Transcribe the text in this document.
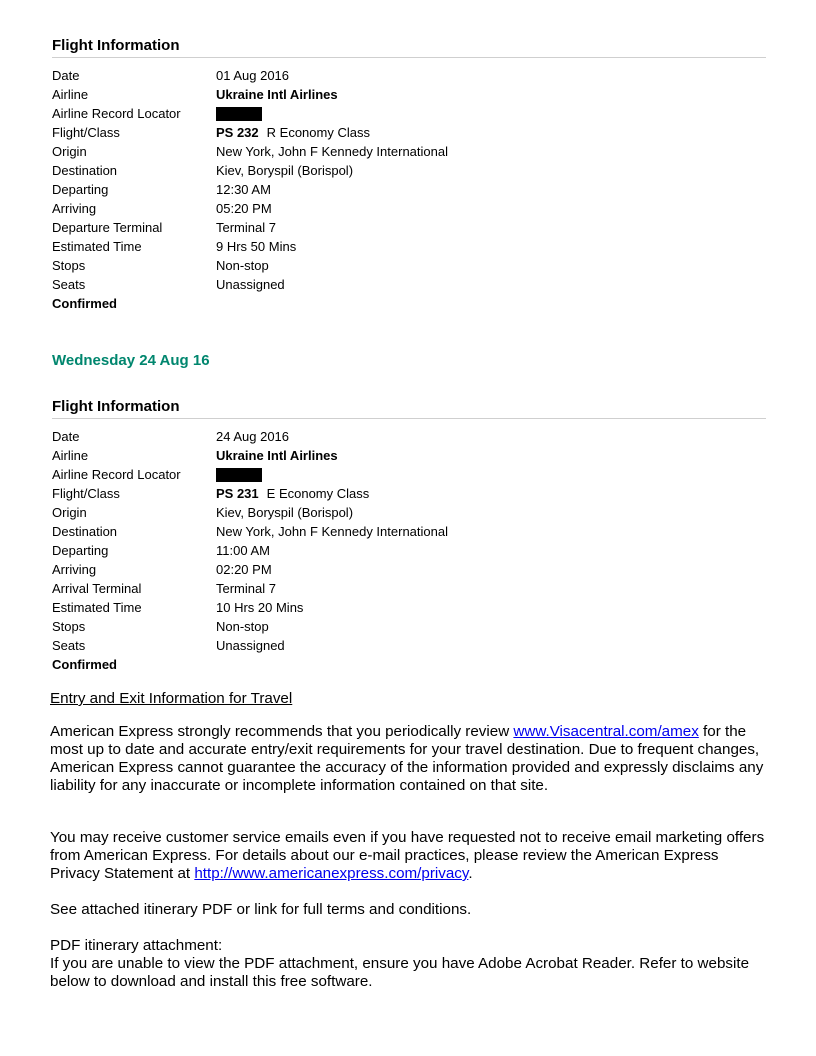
Flight Information
Date	01 Aug 2016
Airline	Ukraine Intl Airlines
Airline Record Locator
Flight/Class	PS 232 R Economy Class
Origin	New York, John F Kennedy International
Destination	Kiev, Boryspil (Borispol)
Departing	12:30 AM
Arriving	05:20 PM
Departure Terminal	Terminal 7
Estimated Time	9 Hrs 50 Mins
Stops	Non-stop
Seats	Unassigned
Confirmed
Wednesday 24 Aug 16
Flight Information
Date	24 Aug 2016
Airline	Ukraine Intl Airlines
Airline Record Locator
Flight/Class	PS 231 E Economy Class
Origin	Kiev, Boryspil (Borispol)
Destination	New York, John F Kennedy International
Departing	11:00 AM
Arriving	02:20 PM
Arrival Terminal	Terminal 7
Estimated Time	10 Hrs 20 Mins
Stops	Non-stop
Seats	Unassigned
Confirmed
Entry and Exit Information for Travel
American Express strongly recommends that you periodically review www.Visacentral.com/amex for the most up to date and accurate entry/exit requirements for your travel destination. Due to frequent changes, American Express cannot guarantee the accuracy of the information provided and expressly disclaims any liability for any inaccurate or incomplete information contained on that site.
You may receive customer service emails even if you have requested not to receive email marketing offers from American Express. For details about our e-mail practices, please review the American Express Privacy Statement at http://www.americanexpress.com/privacy.
See attached itinerary PDF or link for full terms and conditions.
PDF itinerary attachment:
If you are unable to view the PDF attachment, ensure you have Adobe Acrobat Reader. Refer to website below to download and install this free software.
